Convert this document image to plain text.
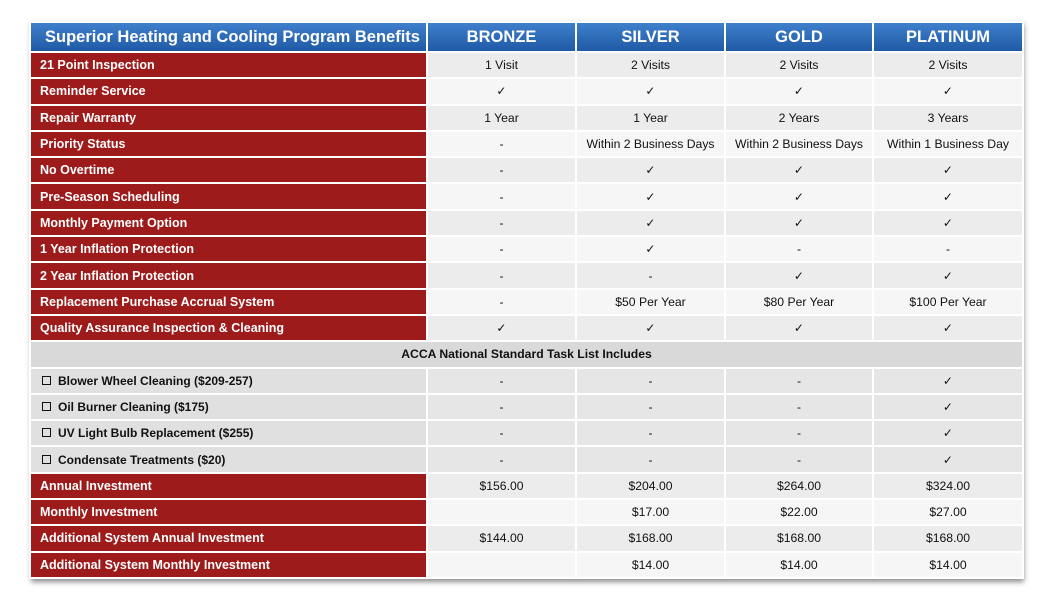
Superior Heating and Cooling Program Benefits	BRONZE	SILVER	GOLD	PLATINUM
21 Point Inspection	1 Visit	2 Visits	2 Visits	2 Visits
Reminder Service	✓	✓	✓	✓
Repair Warranty	1 Year	1 Year	2 Years	3 Years
Priority Status	-	Within 2 Business Days	Within 2 Business Days	Within 1 Business Day
No Overtime	-	✓	✓	✓
Pre-Season Scheduling	-	✓	✓	✓
Monthly Payment Option	-	✓	✓	✓
1 Year Inflation Protection	-	✓	-	-
2 Year Inflation Protection	-	-	✓	✓
Replacement Purchase Accrual System	-	$50 Per Year	$80 Per Year	$100 Per Year
Quality Assurance Inspection & Cleaning	✓	✓	✓	✓
ACCA National Standard Task List Includes				
Blower Wheel Cleaning ($209-257)	-	-	-	✓
Oil Burner Cleaning ($175)	-	-	-	✓
UV Light Bulb Replacement ($255)	-	-	-	✓
Condensate Treatments ($20)	-	-	-	✓
Annual Investment	$156.00	$204.00	$264.00	$324.00
Monthly Investment		$17.00	$22.00	$27.00
Additional System Annual Investment	$144.00	$168.00	$168.00	$168.00
Additional System Monthly Investment		$14.00	$14.00	$14.00
